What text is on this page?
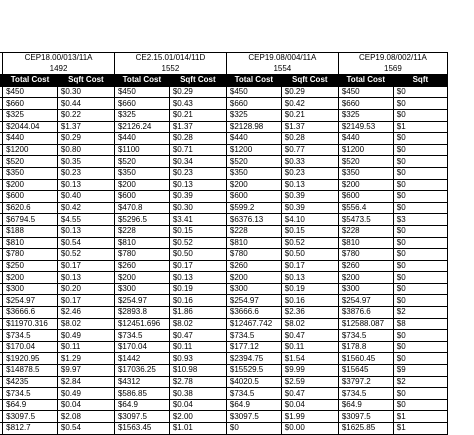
	CEP18.00/013/11A		CE2.15.01/014/11D		CEP19.08/004/11A		CEP19.08/002/11A	
	1492		1552		1554		1569	
	Total Cost	Sqft Cost	Total Cost	Sqft Cost	Total Cost	Sqft Cost	Total Cost	Sqft
	$450	$0.30	$450	$0.29	$450	$0.29	$450	$0
	$660	$0.44	$660	$0.43	$660	$0.42	$660	$0
	$325	$0.22	$325	$0.21	$325	$0.21	$325	$0
	$2044.04	$1.37	$2126.24	$1.37	$2128.98	$1.37	$2149.53	$1
	$440	$0.29	$440	$0.28	$440	$0.28	$440	$0
	$1200	$0.80	$1100	$0.71	$1200	$0.77	$1200	$0
	$520	$0.35	$520	$0.34	$520	$0.33	$520	$0
	$350	$0.23	$350	$0.23	$350	$0.23	$350	$0
	$200	$0.13	$200	$0.13	$200	$0.13	$200	$0
	$600	$0.40	$600	$0.39	$600	$0.39	$600	$0
	$620.6	$0.42	$470.8	$0.30	$599.2	$0.39	$556.4	$0
	$6794.5	$4.55	$5296.5	$3.41	$6376.13	$4.10	$5473.5	$3
	$188	$0.13	$228	$0.15	$228	$0.15	$228	$0
	$810	$0.54	$810	$0.52	$810	$0.52	$810	$0
	$780	$0.52	$780	$0.50	$780	$0.50	$780	$0
	$250	$0.17	$260	$0.17	$260	$0.17	$260	$0
	$200	$0.13	$200	$0.13	$200	$0.13	$200	$0
	$300	$0.20	$300	$0.19	$300	$0.19	$300	$0
	$254.97	$0.17	$254.97	$0.16	$254.97	$0.16	$254.97	$0
	$3666.6	$2.46	$2893.8	$1.86	$3666.6	$2.36	$3876.6	$2
	$11970.316	$8.02	$12451.696	$8.02	$12467.742	$8.02	$12588.087	$8
	$734.5	$0.49	$734.5	$0.47	$734.5	$0.47	$734.5	$0
	$170.04	$0.11	$170.04	$0.11	$177.12	$0.11	$178.8	$0
	$1920.95	$1.29	$1442	$0.93	$2394.75	$1.54	$1560.45	$0
	$14878.5	$9.97	$17036.25	$10.98	$15529.5	$9.99	$15645	$9
	$4235	$2.84	$4312	$2.78	$4020.5	$2.59	$3797.2	$2
	$734.5	$0.49	$586.85	$0.38	$734.5	$0.47	$734.5	$0
	$64.9	$0.04	$64.9	$0.04	$64.9	$0.04	$64.9	$0
	$3097.5	$2.08	$3097.5	$2.00	$3097.5	$1.99	$3097.5	$1
	$812.7	$0.54	$1563.45	$1.01	$0	$0.00	$1625.85	$1
